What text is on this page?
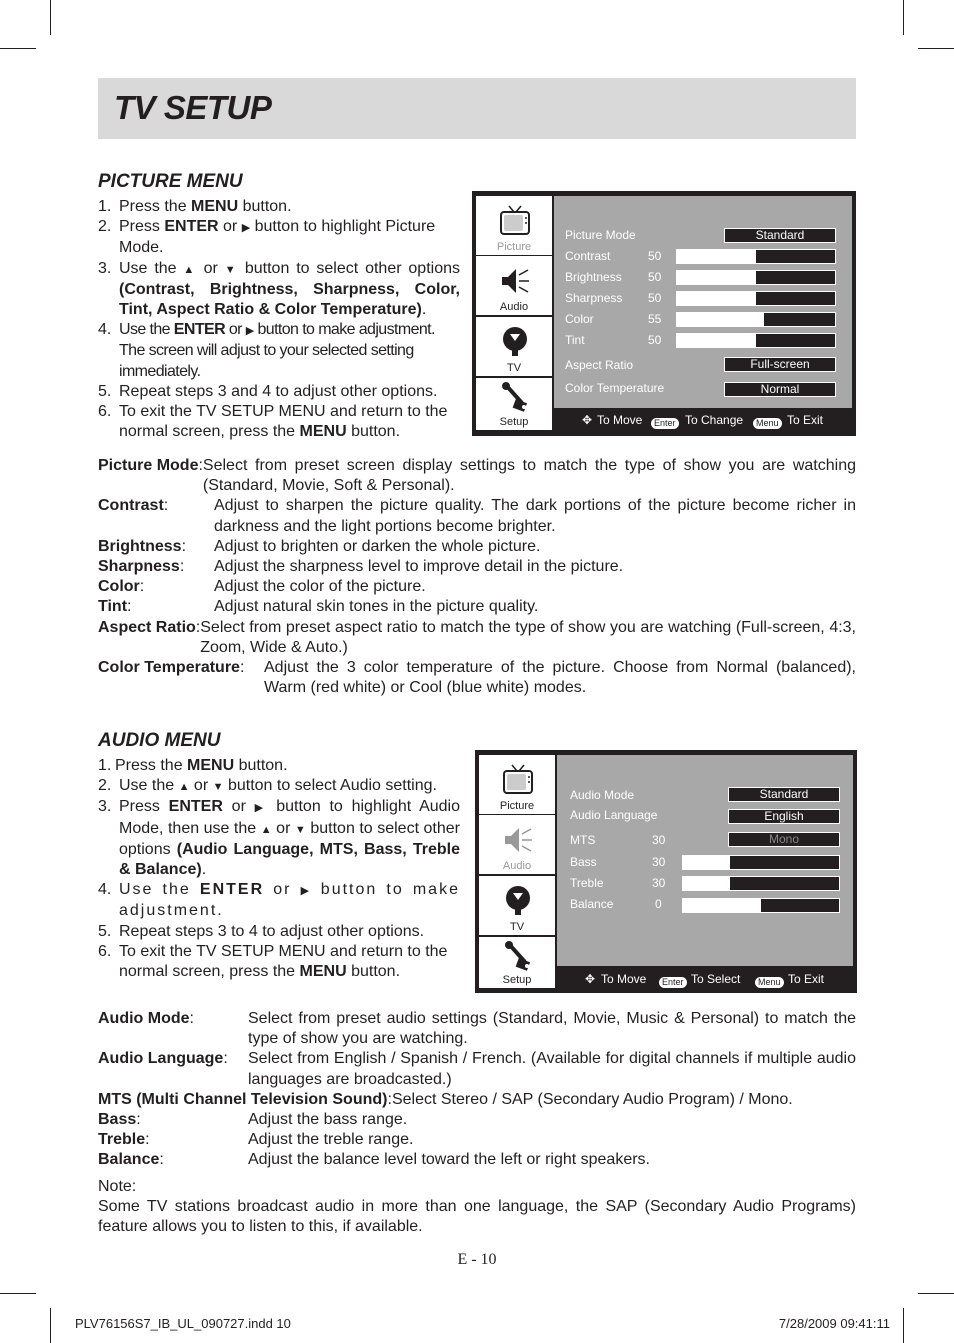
TV SETUP
PICTURE MENU
1. Press the MENU button.
2. Press ENTER or ▶ button to highlight Picture Mode.
3. Use the ▲ or ▼ button to select other options (Contrast, Brightness, Sharpness, Color, Tint, Aspect Ratio & Color Temperature).
4. Use the ENTER or ▶ button to make adjustment. The screen will adjust to your selected setting immediately.
5. Repeat steps 3 and 4 to adjust other options.
6. To exit the TV SETUP MENU and return to the normal screen, press the MENU button.
Picture
Audio
TV
Setup
Picture Mode	Standard
Contrast	50
Brightness 50
Sharpness 50
Color	55
Tint	50
Aspect Ratio	Full-screen
Color Temperature	Normal
✥ To Move	Enter To Change	Menu To Exit
Picture Mode: Select from preset screen display settings to match the type of show you are watching (Standard, Movie, Soft & Personal).
Contrast:	Adjust to sharpen the picture quality. The dark portions of the picture become richer in darkness and the light portions become brighter.
Brightness:	Adjust to brighten or darken the whole picture.
Sharpness:	Adjust the sharpness level to improve detail in the picture.
Color:	Adjust the color of the picture.
Tint:	Adjust natural skin tones in the picture quality.
Aspect Ratio: Select from preset aspect ratio to match the type of show you are watching (Full-screen, 4:3, Zoom, Wide & Auto.)
Color Temperature:	Adjust the 3 color temperature of the picture. Choose from Normal (balanced), Warm (red white) or Cool (blue white) modes.
AUDIO MENU
1. Press the MENU button.
2. Use the ▲ or ▼ button to select Audio setting.
3. Press ENTER or ▶ button to highlight Audio Mode, then use the ▲ or ▼ button to select other options (Audio Language, MTS, Bass, Treble & Balance).
4. Use the ENTER or ▶ button to make adjustment.
5. Repeat steps 3 to 4 to adjust other options.
6. To exit the TV SETUP MENU and return to the normal screen, press the MENU button.
Picture
Audio
TV
Setup
Audio Mode	Standard
Audio Language	English
MTS	30	Mono
Bass	30
Treble	30
Balance	0
✥ To Move	Enter To Select	Menu To Exit
Audio Mode:	Select from preset audio settings (Standard, Movie, Music & Personal) to match the type of show you are watching.
Audio Language:	Select from English / Spanish / French. (Available for digital channels if multiple audio languages are broadcasted.)
MTS (Multi Channel Television Sound): Select Stereo / SAP (Secondary Audio Program) / Mono.
Bass:	Adjust the bass range.
Treble:	Adjust the treble range.
Balance:	Adjust the balance level toward the left or right speakers.
Note:
Some TV stations broadcast audio in more than one language, the SAP (Secondary Audio Programs) feature allows you to listen to this, if available.
E - 10
PLV76156S7_IB_UL_090727.indd 10	7/28/2009 09:41:11
